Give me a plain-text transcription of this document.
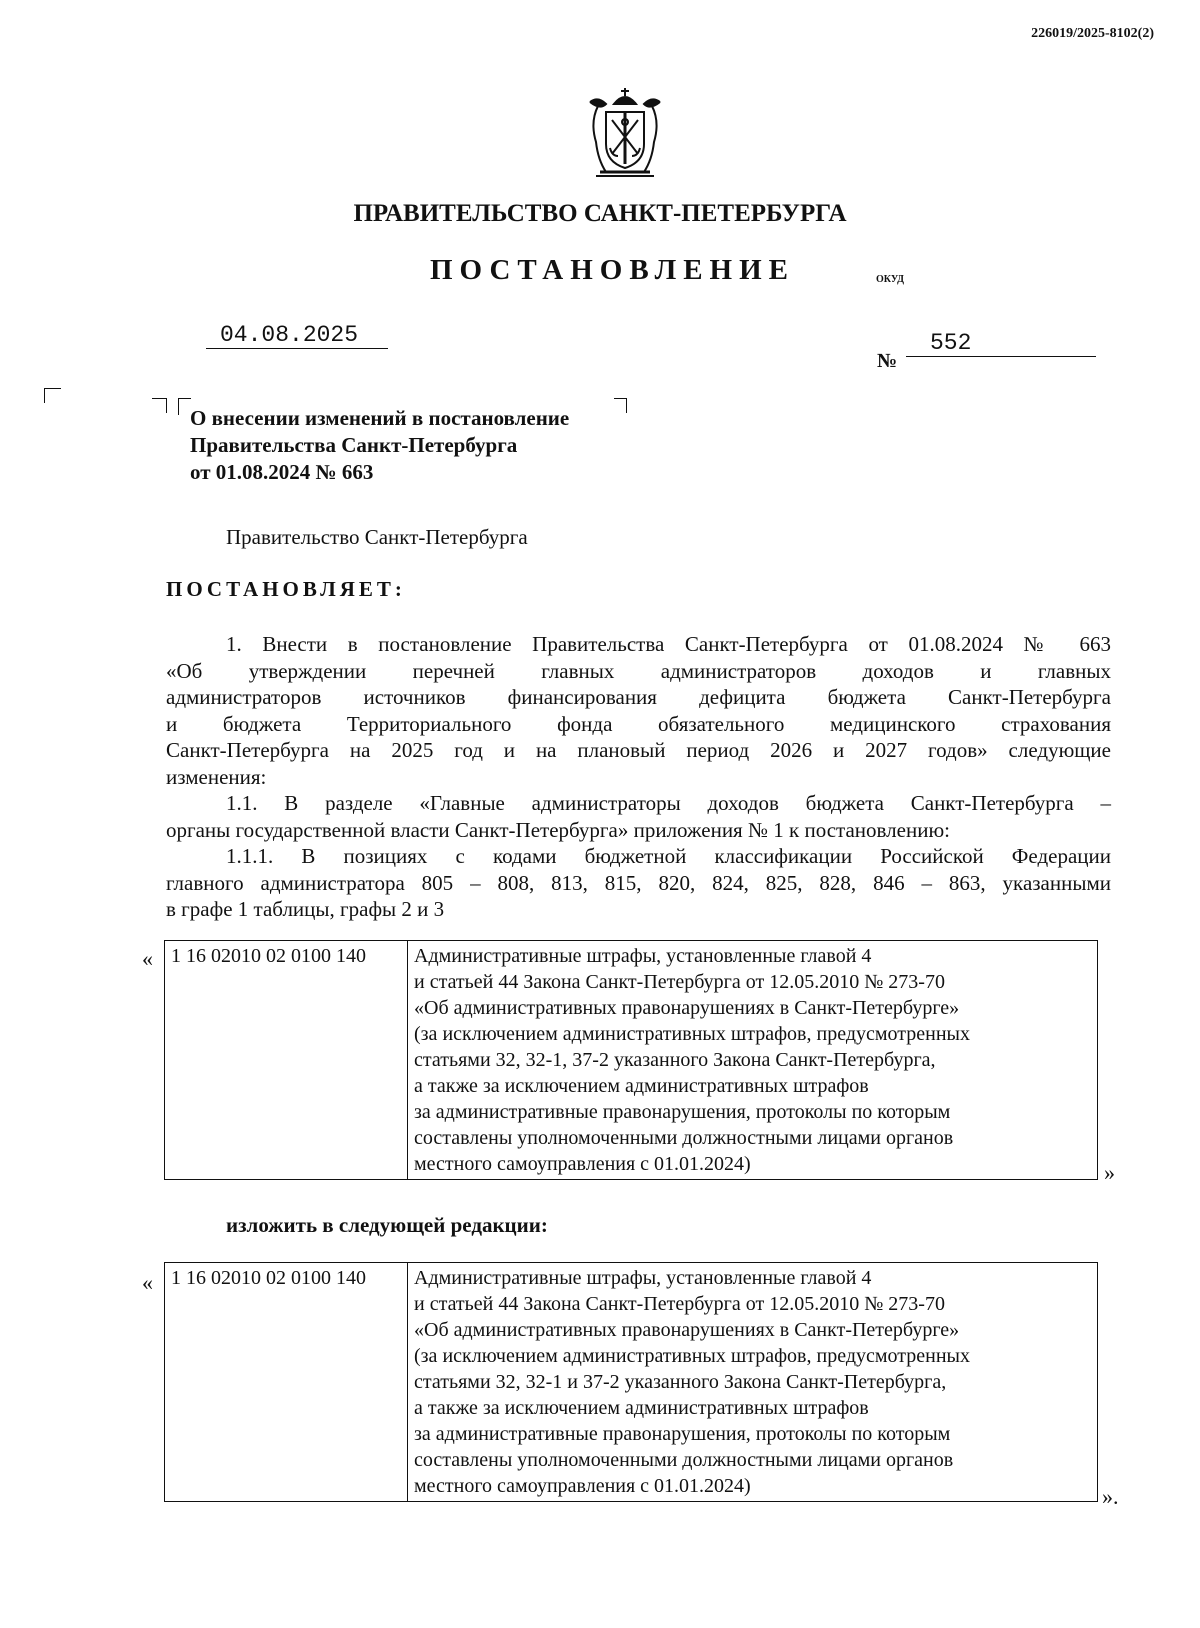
226019/2025-8102(2)
ПРАВИТЕЛЬСТВО САНКТ-ПЕТЕРБУРГА
ПОСТАНОВЛЕНИЕ	ОКУД
04.08.2025
№
552
О внесении изменений в постановление
Правительства Санкт-Петербурга
от 01.08.2024 № 663
Правительство Санкт-Петербурга
ПОСТАНОВЛЯЕТ:
1. Внести в постановление Правительства Санкт-Петербурга от 01.08.2024 № 663
«Об утверждении перечней главных администраторов доходов и главных
администраторов источников финансирования дефицита бюджета Санкт-Петербурга
и бюджета Территориального фонда обязательного медицинского страхования
Санкт-Петербурга на 2025 год и на плановый период 2026 и 2027 годов» следующие
изменения:
1.1. В разделе «Главные администраторы доходов бюджета Санкт-Петербурга –
органы государственной власти Санкт-Петербурга» приложения № 1 к постановлению:
1.1.1. В позициях с кодами бюджетной классификации Российской Федерации
главного администратора 805 – 808, 813, 815, 820, 824, 825, 828, 846 – 863, указанными
в графе 1 таблицы, графы 2 и 3
« 1 16 02010 02 0100 140	Административные штрафы, установленные главой 4
и статьей 44 Закона Санкт-Петербурга от 12.05.2010 № 273-70
«Об административных правонарушениях в Санкт-Петербурге»
(за исключением административных штрафов, предусмотренных
статьями 32, 32-1, 37-2 указанного Закона Санкт-Петербурга,
а также за исключением административных штрафов
за административные правонарушения, протоколы по которым
составлены уполномоченными должностными лицами органов
местного самоуправления с 01.01.2024)	»
изложить в следующей редакции:
« 1 16 02010 02 0100 140	Административные штрафы, установленные главой 4
и статьей 44 Закона Санкт-Петербурга от 12.05.2010 № 273-70
«Об административных правонарушениях в Санкт-Петербурге»
(за исключением административных штрафов, предусмотренных
статьями 32, 32-1 и 37-2 указанного Закона Санкт-Петербурга,
а также за исключением административных штрафов
за административные правонарушения, протоколы по которым
составлены уполномоченными должностными лицами органов
местного самоуправления с 01.01.2024)	».
